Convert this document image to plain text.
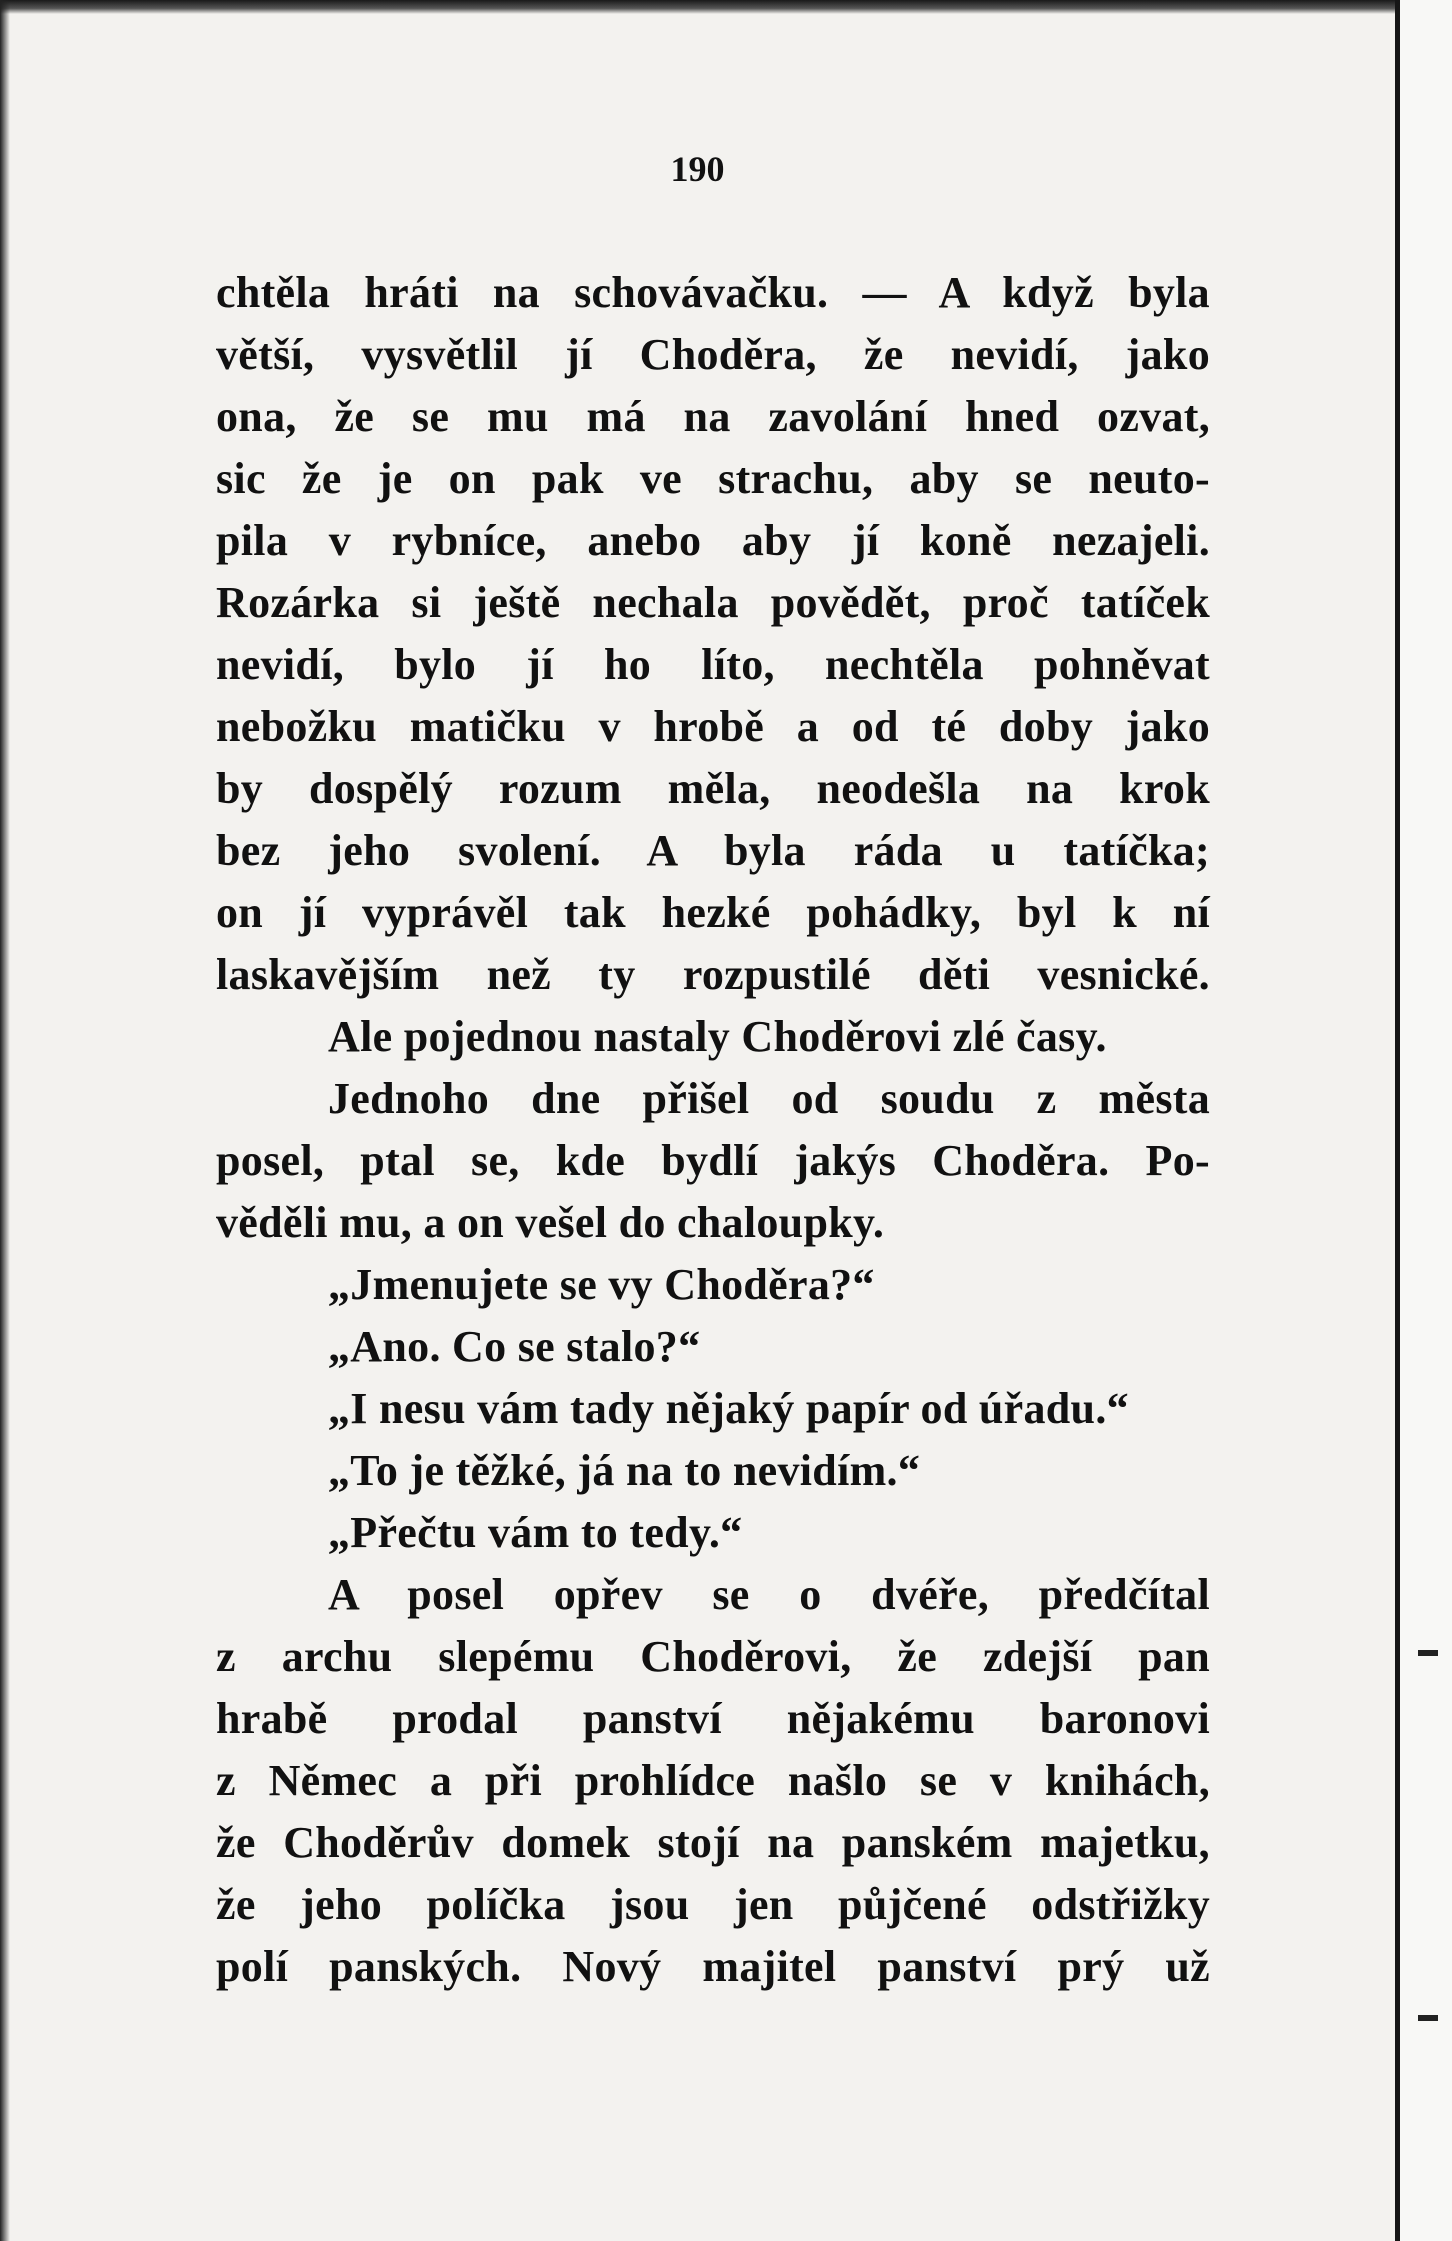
190
chtěla hráti na schovávačku. — A když byla
větší, vysvětlil jí Choděra, že nevidí, jako
ona, že se mu má na zavolání hned ozvat,
sic že je on pak ve strachu, aby se neuto-
pila v rybníce, anebo aby jí koně nezajeli.
Rozárka si ještě nechala povědět, proč tatíček
nevidí, bylo jí ho líto, nechtěla pohněvat
nebožku matičku v hrobě a od té doby jako
by dospělý rozum měla, neodešla na krok
bez jeho svolení. A byla ráda u tatíčka;
on jí vyprávěl tak hezké pohádky, byl k ní
laskavějším než ty rozpustilé děti vesnické.
Ale pojednou nastaly Choděrovi zlé časy.
Jednoho dne přišel od soudu z města
posel, ptal se, kde bydlí jakýs Choděra. Po-
věděli mu, a on vešel do chaloupky.
„Jmenujete se vy Choděra?“
„Ano. Co se stalo?“
„I nesu vám tady nějaký papír od úřadu.“
„To je těžké, já na to nevidím.“
„Přečtu vám to tedy.“
A posel opřev se o dvéře, předčítal
z archu slepému Choděrovi, že zdejší pan
hrabě prodal panství nějakému baronovi
z Němec a při prohlídce našlo se v knihách,
že Choděrův domek stojí na panském majetku,
že jeho políčka jsou jen půjčené odstřižky
polí panských. Nový majitel panství prý už
